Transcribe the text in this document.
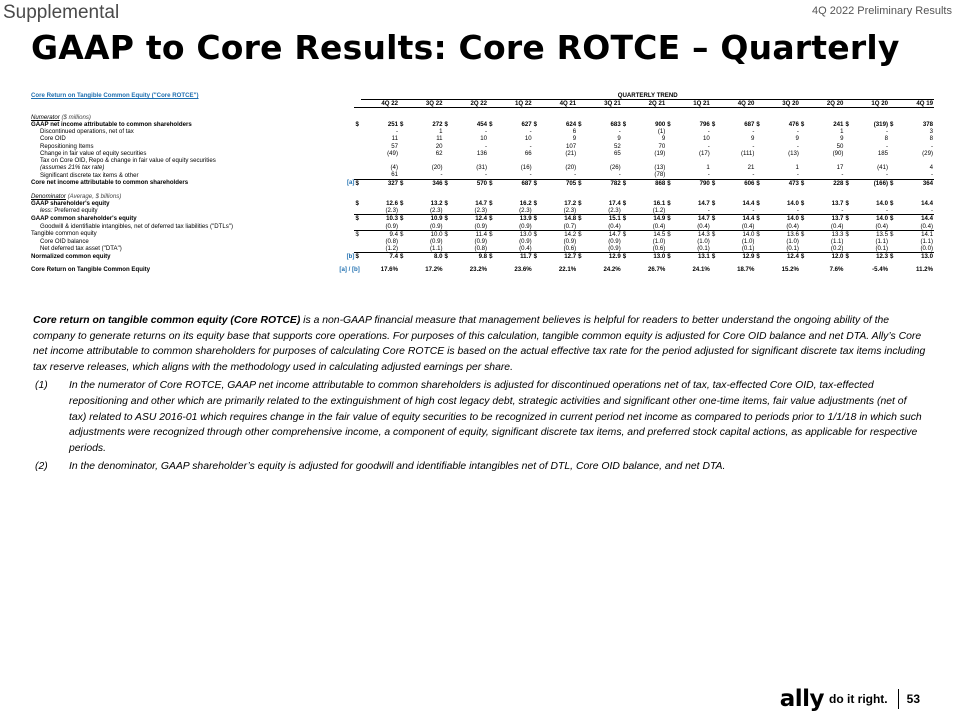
Supplemental	4Q 2022 Preliminary Results
GAAP to Core Results: Core ROTCE – Quarterly
Core Return on Tangible Common Equity ("Core ROTCE")			QUARTERLY TREND																								
		4Q 22		3Q 22		2Q 22		1Q 22		4Q 21		3Q 21		2Q 21		1Q 21		4Q 20		3Q 20		2Q 20		1Q 20		4Q 19	

Numerator ($ millions)																											
GAAP net income attributable to common shareholders		$	251	$	272	$	454	$	627	$	624	$	683	$	900	$	796	$	687	$	476	$	241	$	(319)	$	378
Discontinued operations, net of tax			-		1		-		-		6		-		(1)		-		-		-		1		-		3
Core OID			11		11		10		10		9		9		9		10		9		9		9		8		8
Repositioning Items			57		20		-		-		107		52		70		-		-		-		50		-		-
Change in fair value of equity securities			(49)		62		136		66		(21)		65		(19)		(17)		(111)		(13)		(90)		185		(29)
Tax on Core OID, Repo & change in fair value of equity securities																											
(assumes 21% tax rate)			(4)		(20)		(31)		(16)		(20)		(26)		(13)		1		21		1		17		(41)		4
Significant discrete tax items & other			61		-		-		-		-		-		(78)		-		-		-		-		-		-
Core net income attributable to common shareholders	[a]	$	327	$	346	$	570	$	687	$	705	$	782	$	868	$	790	$	606	$	473	$	228	$	(166)	$	364

Denominator (Average, $ billions)																											
GAAP shareholder's equity		$	12.6	$	13.2	$	14.7	$	16.2	$	17.2	$	17.4	$	16.1	$	14.7	$	14.4	$	14.0	$	13.7	$	14.0	$	14.4
less: Preferred equity			(2.3)		(2.3)		(2.3)		(2.3)		(2.3)		(2.3)		(1.2)		-		-		-		-		-		-
GAAP common shareholder's equity		$	10.3	$	10.9	$	12.4	$	13.9	$	14.8	$	15.1	$	14.9	$	14.7	$	14.4	$	14.0	$	13.7	$	14.0	$	14.4
Goodwill & identifiable intangibles, net of deferred tax liabilities ("DTLs")			(0.9)		(0.9)		(0.9)		(0.9)		(0.7)		(0.4)		(0.4)		(0.4)		(0.4)		(0.4)		(0.4)		(0.4)		(0.4)
Tangible common equity		$	9.4	$	10.0	$	11.4	$	13.0	$	14.2	$	14.7	$	14.5	$	14.3	$	14.0	$	13.6	$	13.3	$	13.5	$	14.1
Core OID balance			(0.8)		(0.9)		(0.9)		(0.9)		(0.9)		(0.9)		(1.0)		(1.0)		(1.0)		(1.0)		(1.1)		(1.1)		(1.1)
Net deferred tax asset ("DTA")			(1.2)		(1.1)		(0.8)		(0.4)		(0.6)		(0.9)		(0.6)		(0.1)		(0.1)		(0.1)		(0.2)		(0.1)		(0.0)
Normalized common equity	[b]	$	7.4	$	8.0	$	9.8	$	11.7	$	12.7	$	12.9	$	13.0	$	13.1	$	12.9	$	12.4	$	12.0	$	12.3	$	13.0

Core Return on Tangible Common Equity	[a] / [b]	17.6%		17.2%		23.2%		23.6%		22.1%		24.2%		26.7%		24.1%		18.7%		15.2%		7.6%		-5.4%		11.2%	

Core return on tangible common equity (Core ROTCE) is a non-GAAP financial measure that management believes is helpful for readers to better understand the ongoing ability of the company to generate returns on its equity base that supports core operations. For purposes of this calculation, tangible common equity is adjusted for Core OID balance and net DTA. Ally’s Core net income attributable to common shareholders for purposes of calculating Core ROTCE is based on the actual effective tax rate for the period adjusted for significant discrete tax items including tax reserve releases, which aligns with the methodology used in calculating adjusted earnings per share.

(1)	In the numerator of Core ROTCE, GAAP net income attributable to common shareholders is adjusted for discontinued operations net of tax, tax-effected Core OID, tax-effected repositioning and other which are primarily related to the extinguishment of high cost legacy debt, strategic activities and significant other one-time items, fair value adjustments (net of tax) related to ASU 2016-01 which requires change in the fair value of equity securities to be recognized in current period net income as compared to periods prior to 1/1/18 in which such adjustments were recognized through other comprehensive income, a component of equity, significant discrete tax items, and preferred stock capital actions, as applicable for respective periods.
(2)	In the denominator, GAAP shareholder’s equity is adjusted for goodwill and identifiable intangibles net of DTL, Core OID balance, and net DTA.
ally do it right. 53
